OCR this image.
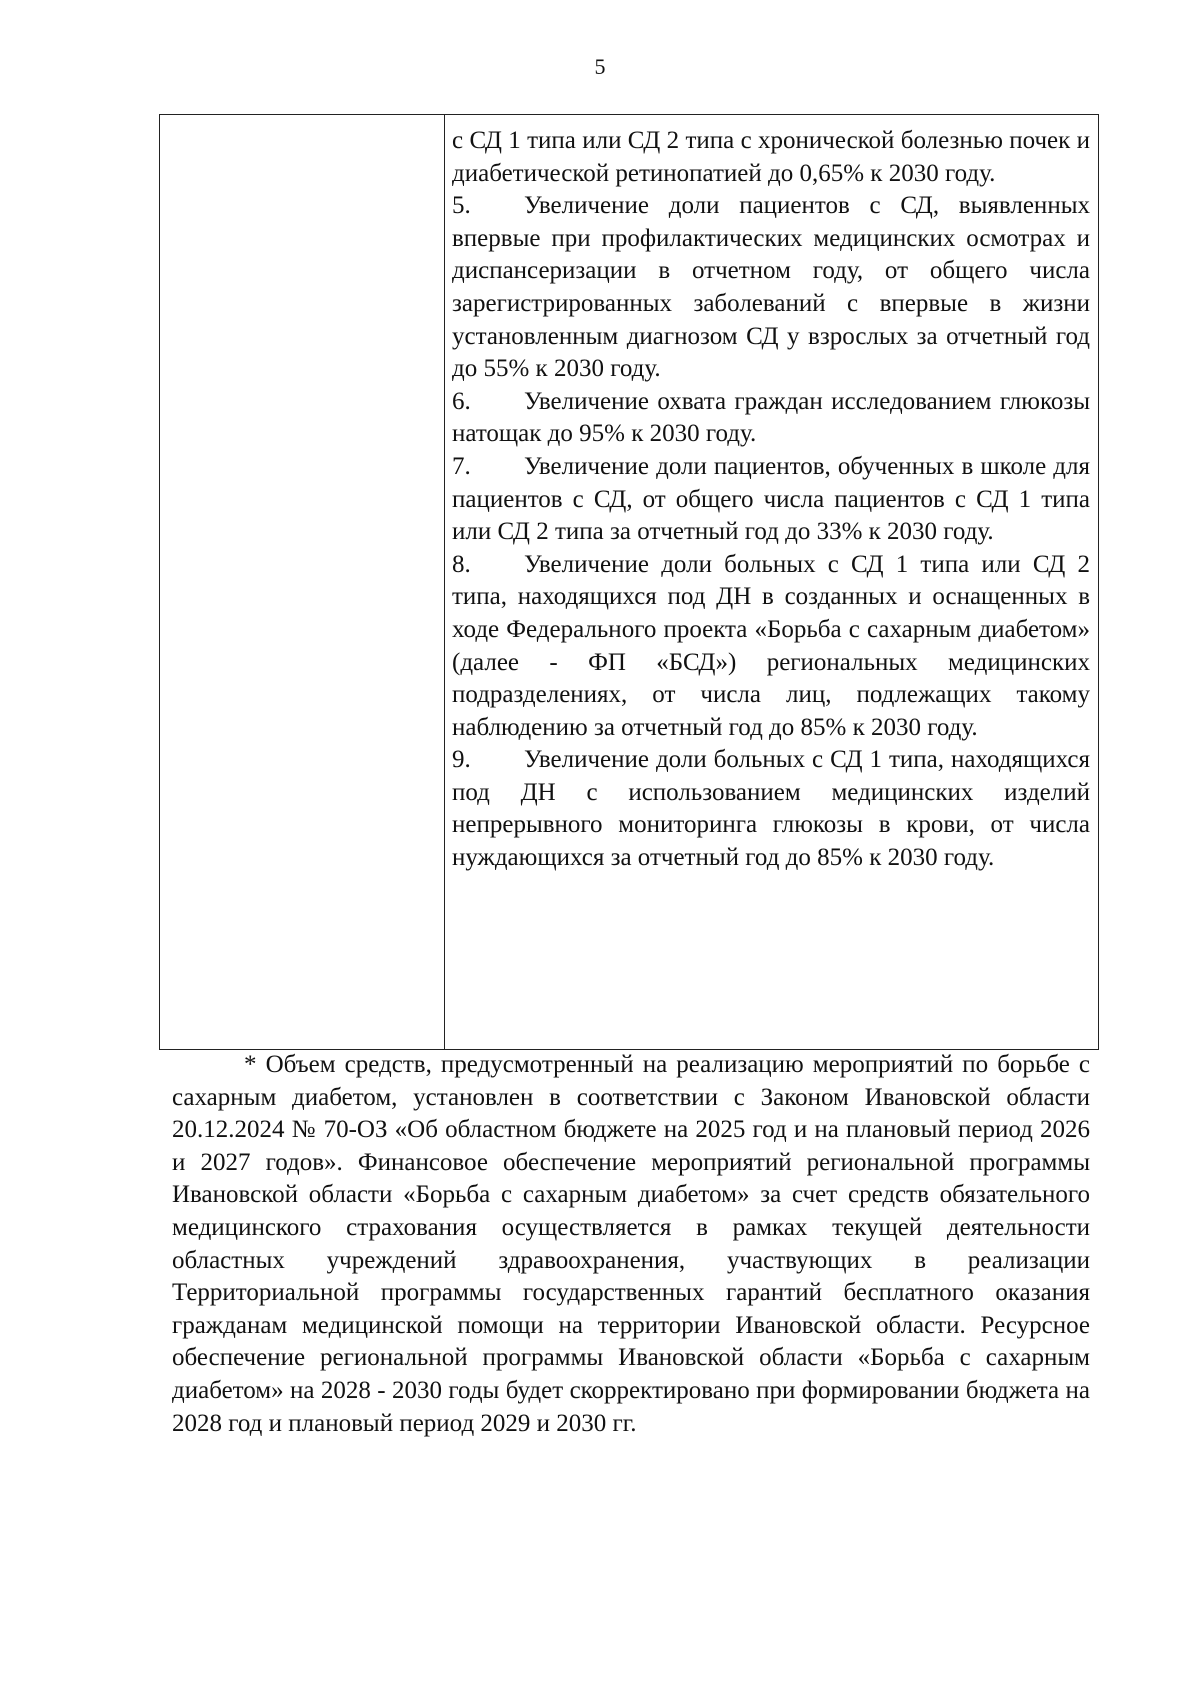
5

с СД 1 типа или СД 2 типа с хронической болезнью почек и диабетической ретинопатией до 0,65% к 2030 году.

5. Увеличение доли пациентов с СД, выявленных впервые при профилактических медицинских осмотрах и диспансеризации в отчетном году, от общего числа зарегистрированных заболеваний с впервые в жизни установленным диагнозом СД у взрослых за отчетный год до 55% к 2030 году.

6. Увеличение охвата граждан исследованием глюкозы натощак до 95% к 2030 году.

7. Увеличение доли пациентов, обученных в школе для пациентов с СД, от общего числа пациентов с СД 1 типа или СД 2 типа за отчетный год до 33% к 2030 году.

8. Увеличение доли больных с СД 1 типа или СД 2 типа, находящихся под ДН в созданных и оснащенных в ходе Федерального проекта «Борьба с сахарным диабетом» (далее - ФП «БСД») региональных медицинских подразделениях, от числа лиц, подлежащих такому наблюдению за отчетный год до 85% к 2030 году.

9. Увеличение доли больных с СД 1 типа, находящихся под ДН с использованием медицинских изделий непрерывного мониторинга глюкозы в крови, от числа нуждающихся за отчетный год до 85% к 2030 году.

* Объем средств, предусмотренный на реализацию мероприятий по борьбе с сахарным диабетом, установлен в соответствии с Законом Ивановской области 20.12.2024 № 70-ОЗ «Об областном бюджете на 2025 год и на плановый период 2026 и 2027 годов». Финансовое обеспечение мероприятий региональной программы Ивановской области «Борьба с сахарным диабетом» за счет средств обязательного медицинского страхования осуществляется в рамках текущей деятельности областных учреждений здравоохранения, участвующих в реализации Территориальной программы государственных гарантий бесплатного оказания гражданам медицинской помощи на территории Ивановской области. Ресурсное обеспечение региональной программы Ивановской области «Борьба с сахарным диабетом» на 2028 - 2030 годы будет скорректировано при формировании бюджета на 2028 год и плановый период 2029 и 2030 гг.
